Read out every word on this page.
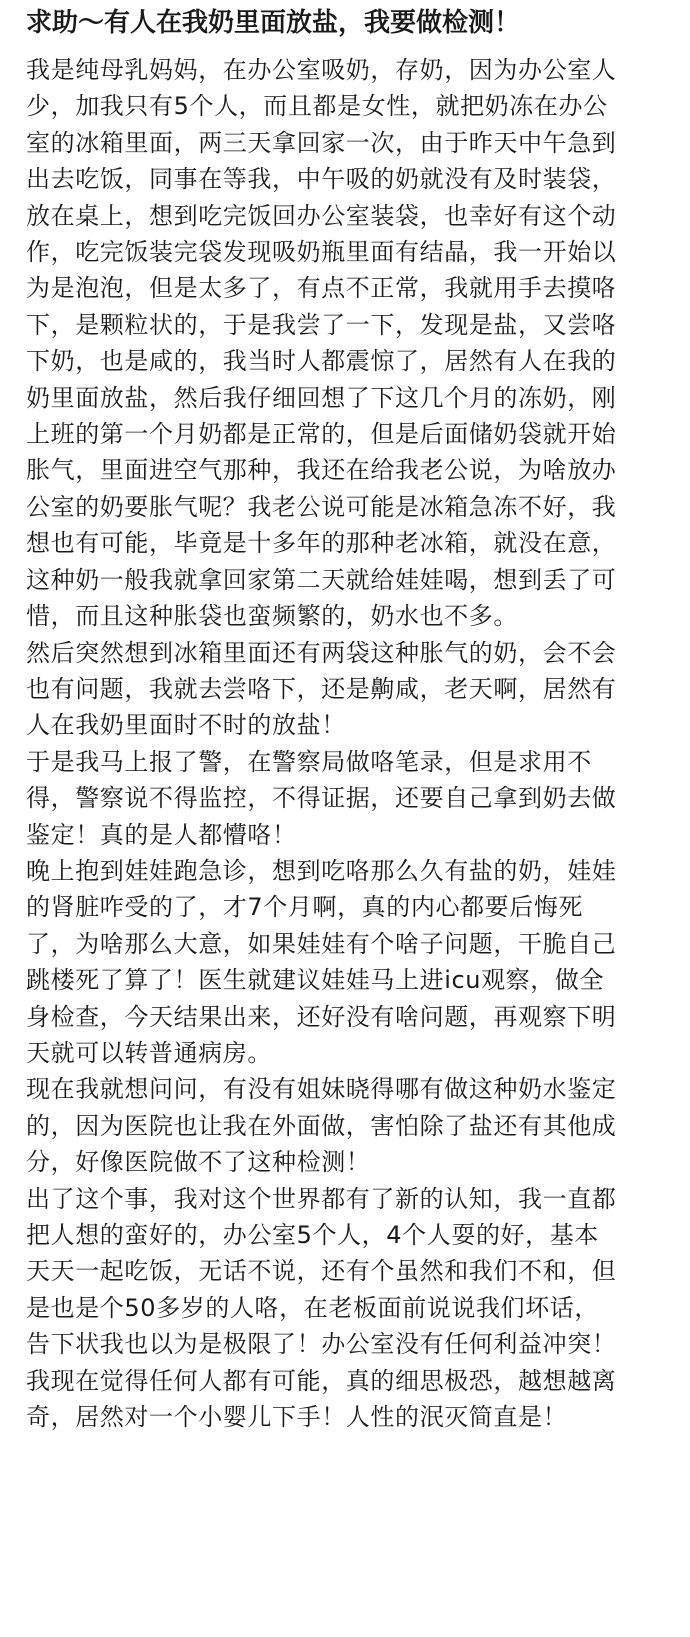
求助～有人在我奶里面放盐，我要做检测！

我是纯母乳妈妈，在办公室吸奶，存奶，因为办公室人
少，加我只有5个人，而且都是女性，就把奶冻在办公
室的冰箱里面，两三天拿回家一次，由于昨天中午急到
出去吃饭，同事在等我，中午吸的奶就没有及时装袋，
放在桌上，想到吃完饭回办公室装袋，也幸好有这个动
作，吃完饭装完袋发现吸奶瓶里面有结晶，我一开始以
为是泡泡，但是太多了，有点不正常，我就用手去摸咯
下，是颗粒状的，于是我尝了一下，发现是盐，又尝咯
下奶，也是咸的，我当时人都震惊了，居然有人在我的
奶里面放盐，然后我仔细回想了下这几个月的冻奶，刚
上班的第一个月奶都是正常的，但是后面储奶袋就开始
胀气，里面进空气那种，我还在给我老公说，为啥放办
公室的奶要胀气呢？我老公说可能是冰箱急冻不好，我
想也有可能，毕竟是十多年的那种老冰箱，就没在意，
这种奶一般我就拿回家第二天就给娃娃喝，想到丢了可
惜，而且这种胀袋也蛮频繁的，奶水也不多。

然后突然想到冰箱里面还有两袋这种胀气的奶，会不会
也有问题，我就去尝咯下，还是齁咸，老天啊，居然有
人在我奶里面时不时的放盐！

于是我马上报了警，在警察局做咯笔录，但是求用不
得，警察说不得监控，不得证据，还要自己拿到奶去做
鉴定！真的是人都懵咯！

晚上抱到娃娃跑急诊，想到吃咯那么久有盐的奶，娃娃
的肾脏咋受的了，才7个月啊，真的内心都要后悔死
了，为啥那么大意，如果娃娃有个啥子问题，干脆自己
跳楼死了算了！医生就建议娃娃马上进icu观察，做全
身检查，今天结果出来，还好没有啥问题，再观察下明
天就可以转普通病房。

现在我就想问问，有没有姐妹晓得哪有做这种奶水鉴定
的，因为医院也让我在外面做，害怕除了盐还有其他成
分，好像医院做不了这种检测！

出了这个事，我对这个世界都有了新的认知，我一直都
把人想的蛮好的，办公室5个人，4个人耍的好，基本
天天一起吃饭，无话不说，还有个虽然和我们不和，但
是也是个50多岁的人咯，在老板面前说说我们坏话，
告下状我也以为是极限了！办公室没有任何利益冲突！
我现在觉得任何人都有可能，真的细思极恐，越想越离
奇，居然对一个小婴儿下手！人性的泯灭简直是！
